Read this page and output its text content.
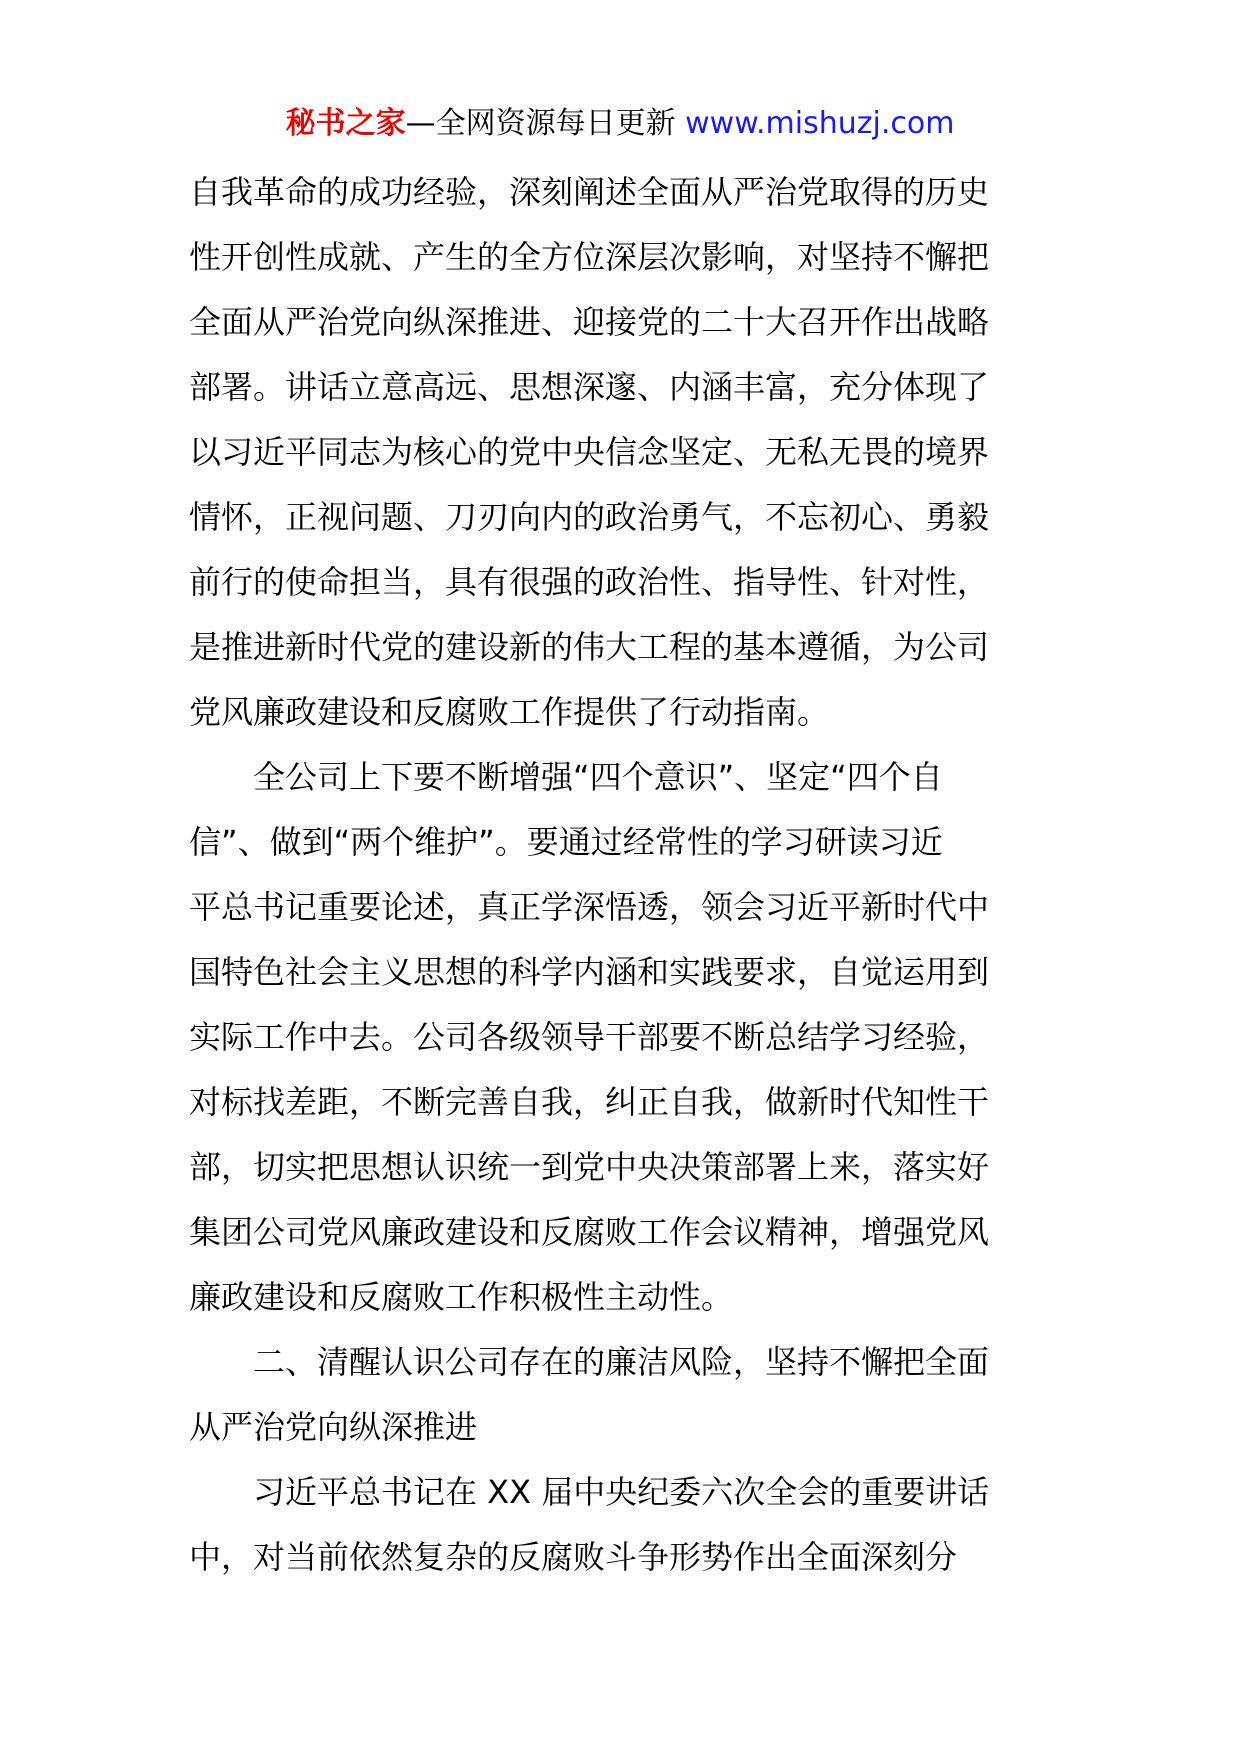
秘书之家—全网资源每日更新 www.mishuzj.com

自我革命的成功经验，深刻阐述全面从严治党取得的历史
性开创性成就、产生的全方位深层次影响，对坚持不懈把
全面从严治党向纵深推进、迎接党的二十大召开作出战略
部署。讲话立意高远、思想深邃、内涵丰富，充分体现了
以习近平同志为核心的党中央信念坚定、无私无畏的境界
情怀，正视问题、刀刃向内的政治勇气，不忘初心、勇毅
前行的使命担当，具有很强的政治性、指导性、针对性，
是推进新时代党的建设新的伟大工程的基本遵循，为公司
党风廉政建设和反腐败工作提供了行动指南。

全公司上下要不断增强“四个意识”、坚定“四个自
信”、做到“两个维护”。要通过经常性的学习研读习近
平总书记重要论述，真正学深悟透，领会习近平新时代中
国特色社会主义思想的科学内涵和实践要求，自觉运用到
实际工作中去。公司各级领导干部要不断总结学习经验，
对标找差距，不断完善自我，纠正自我，做新时代知性干
部，切实把思想认识统一到党中央决策部署上来，落实好
集团公司党风廉政建设和反腐败工作会议精神，增强党风
廉政建设和反腐败工作积极性主动性。

二、清醒认识公司存在的廉洁风险，坚持不懈把全面
从严治党向纵深推进

习近平总书记在 XX 届中央纪委六次全会的重要讲话
中，对当前依然复杂的反腐败斗争形势作出全面深刻分
